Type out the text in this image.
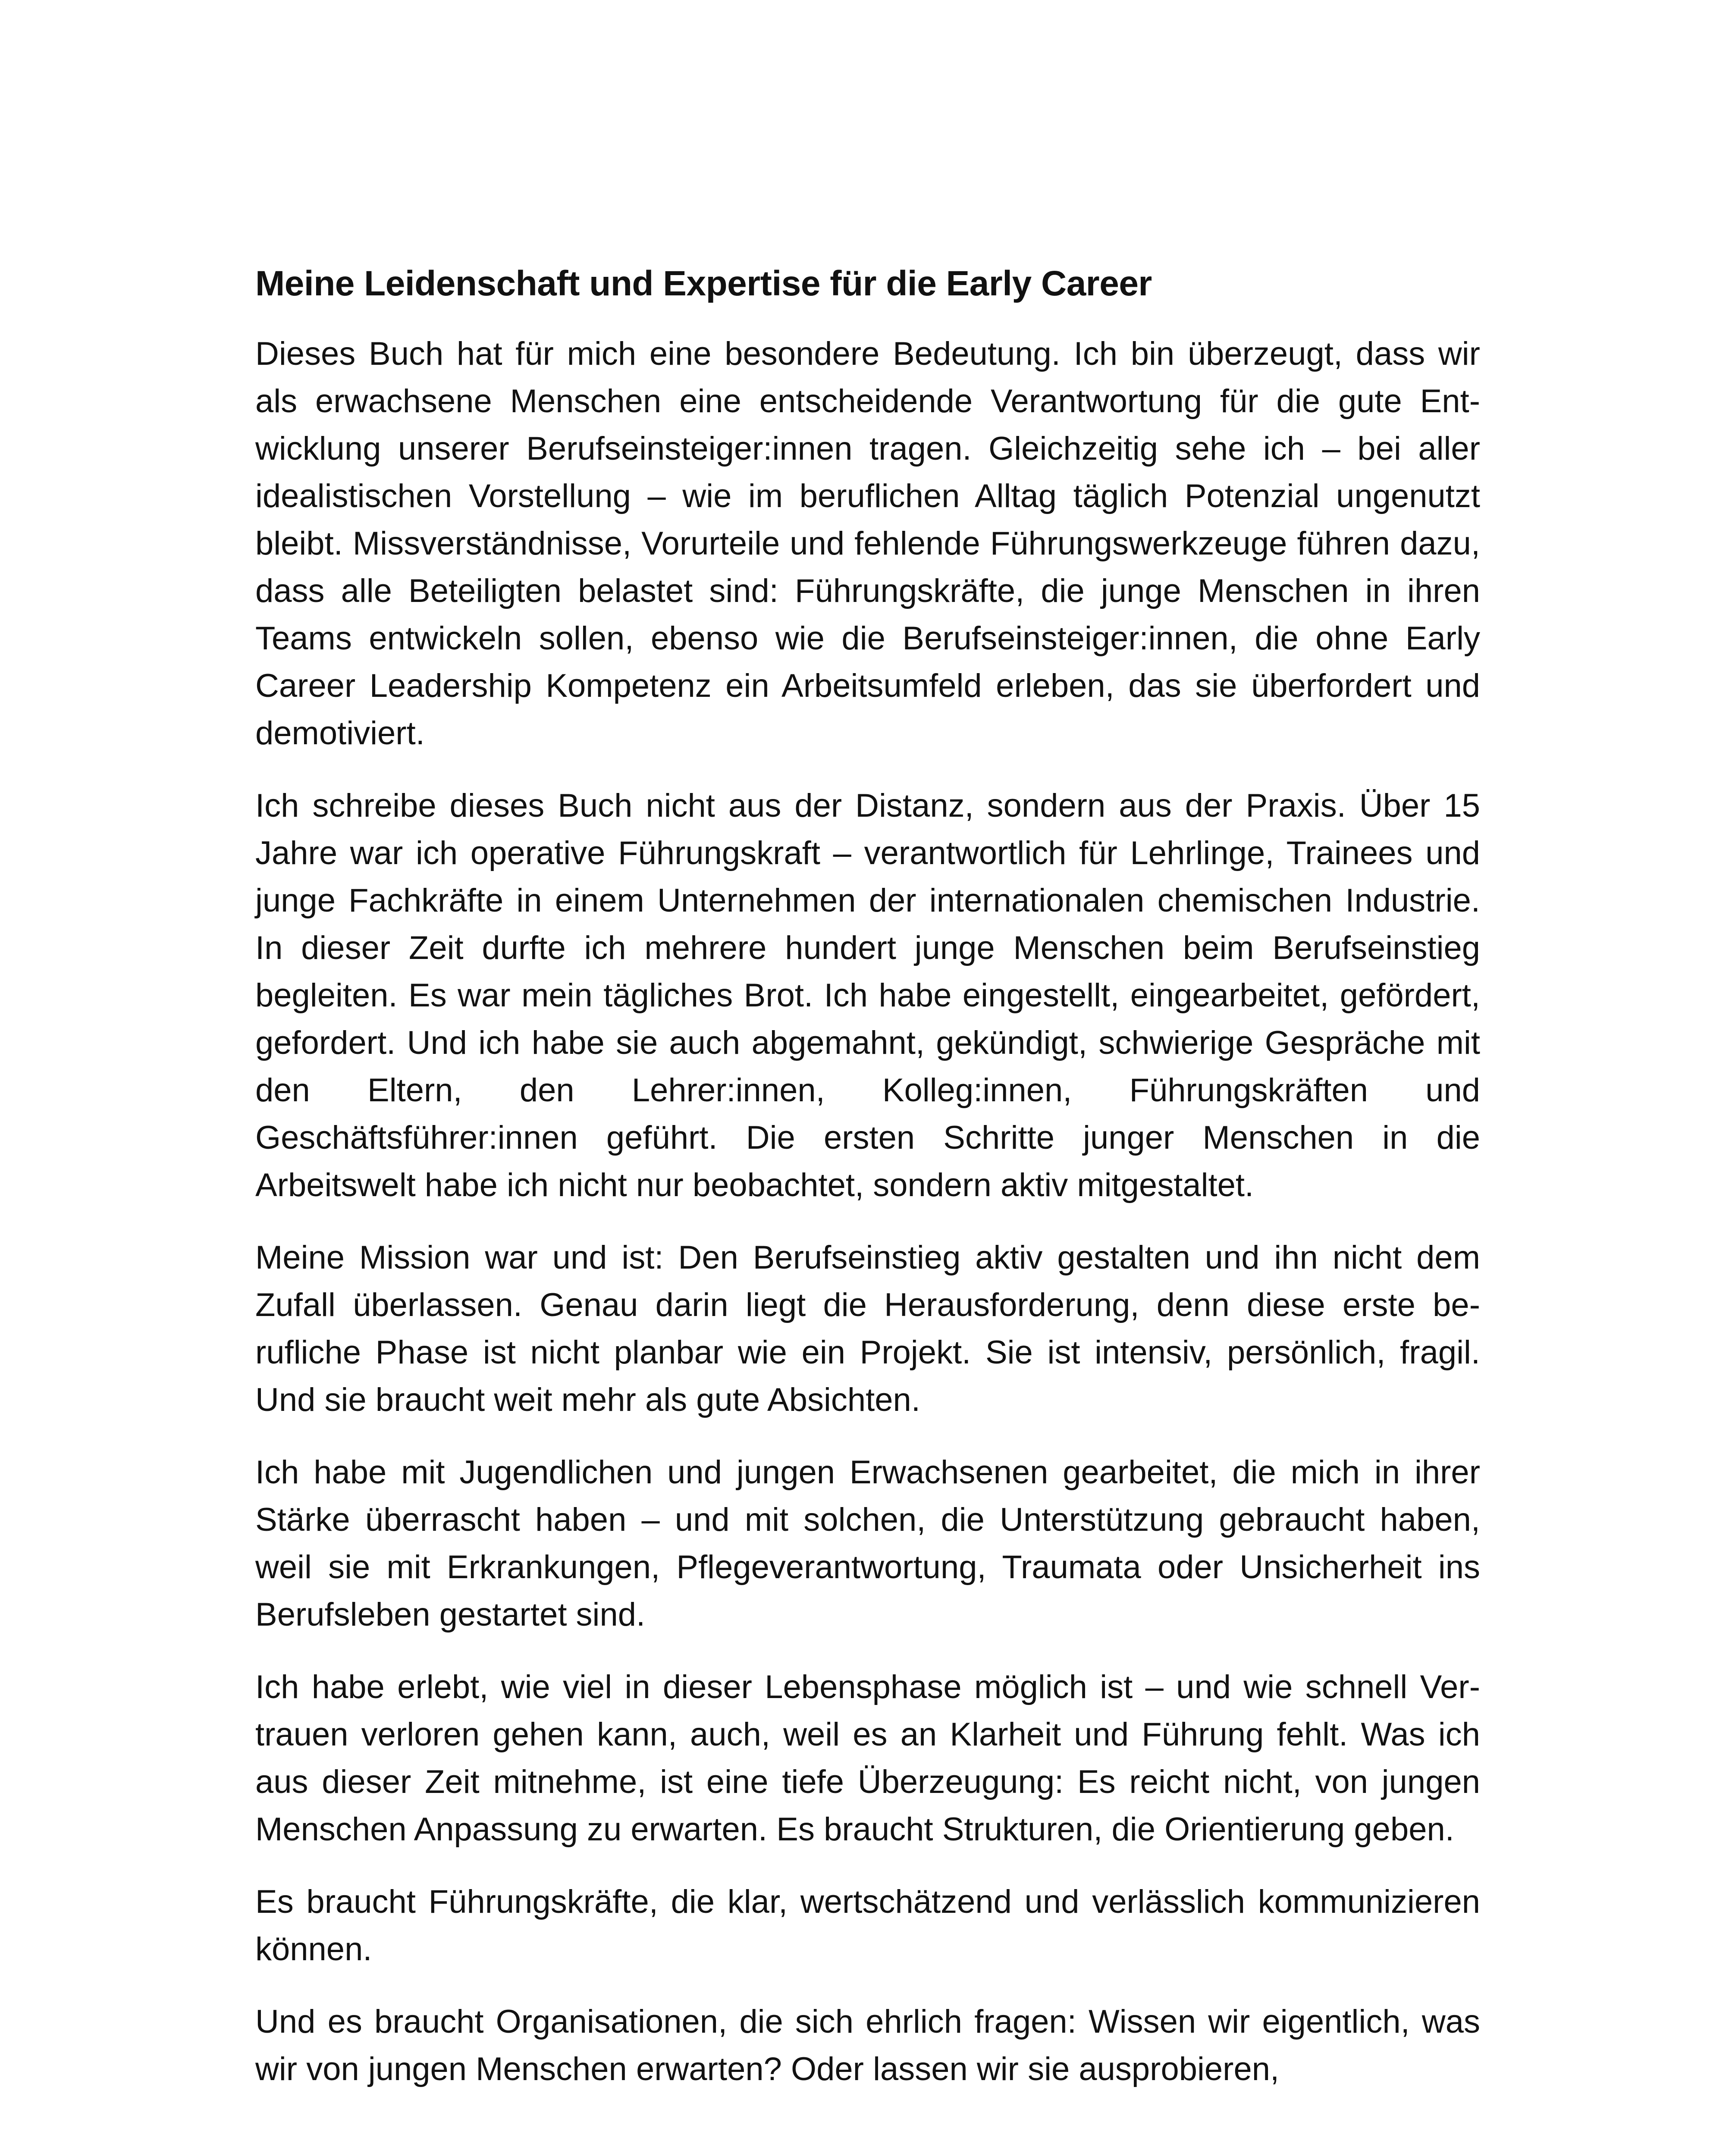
Meine Leidenschaft und Expertise für die Early Career

Dieses Buch hat für mich eine besondere Bedeutung. Ich bin überzeugt, dass wir als erwachsene Menschen eine entscheidende Verantwortung für die gute Entwicklung unserer Berufseinsteiger:innen tragen. Gleichzeitig sehe ich – bei aller idealistischen Vorstellung – wie im beruflichen Alltag täglich Potenzial ungenutzt bleibt. Missverständnisse, Vorurteile und fehlende Führungswerkzeuge führen dazu, dass alle Beteiligten belastet sind: Führungskräfte, die junge Menschen in ihren Teams entwickeln sollen, ebenso wie die Berufseinsteiger:innen, die ohne Early Career Leadership Kompetenz ein Arbeitsumfeld erleben, das sie überfordert und demotiviert.

Ich schreibe dieses Buch nicht aus der Distanz, sondern aus der Praxis. Über 15 Jahre war ich operative Führungskraft – verantwortlich für Lehrlinge, Trainees und junge Fachkräfte in einem Unternehmen der internationalen chemischen Industrie. In dieser Zeit durfte ich mehrere hundert junge Menschen beim Berufseinstieg begleiten. Es war mein tägliches Brot. Ich habe eingestellt, eingearbeitet, gefördert, gefordert. Und ich habe sie auch abgemahnt, gekündigt, schwierige Gespräche mit den Eltern, den Lehrer:innen, Kolleg:innen, Führungskräften und Geschäftsführer:innen geführt. Die ersten Schritte junger Menschen in die Arbeitswelt habe ich nicht nur beobachtet, sondern aktiv mitgestaltet.

Meine Mission war und ist: Den Berufseinstieg aktiv gestalten und ihn nicht dem Zufall überlassen. Genau darin liegt die Herausforderung, denn diese erste berufliche Phase ist nicht planbar wie ein Projekt. Sie ist intensiv, persönlich, fragil. Und sie braucht weit mehr als gute Absichten.

Ich habe mit Jugendlichen und jungen Erwachsenen gearbeitet, die mich in ihrer Stärke überrascht haben – und mit solchen, die Unterstützung gebraucht haben, weil sie mit Erkrankungen, Pflegeverantwortung, Traumata oder Unsicherheit ins Berufsleben gestartet sind.

Ich habe erlebt, wie viel in dieser Lebensphase möglich ist – und wie schnell Vertrauen verloren gehen kann, auch, weil es an Klarheit und Führung fehlt. Was ich aus dieser Zeit mitnehme, ist eine tiefe Überzeugung: Es reicht nicht, von jungen Menschen Anpassung zu erwarten. Es braucht Strukturen, die Orientierung geben.

Es braucht Führungskräfte, die klar, wertschätzend und verlässlich kommunizieren können.

Und es braucht Organisationen, die sich ehrlich fragen: Wissen wir eigentlich, was wir von jungen Menschen erwarten? Oder lassen wir sie ausprobieren,
